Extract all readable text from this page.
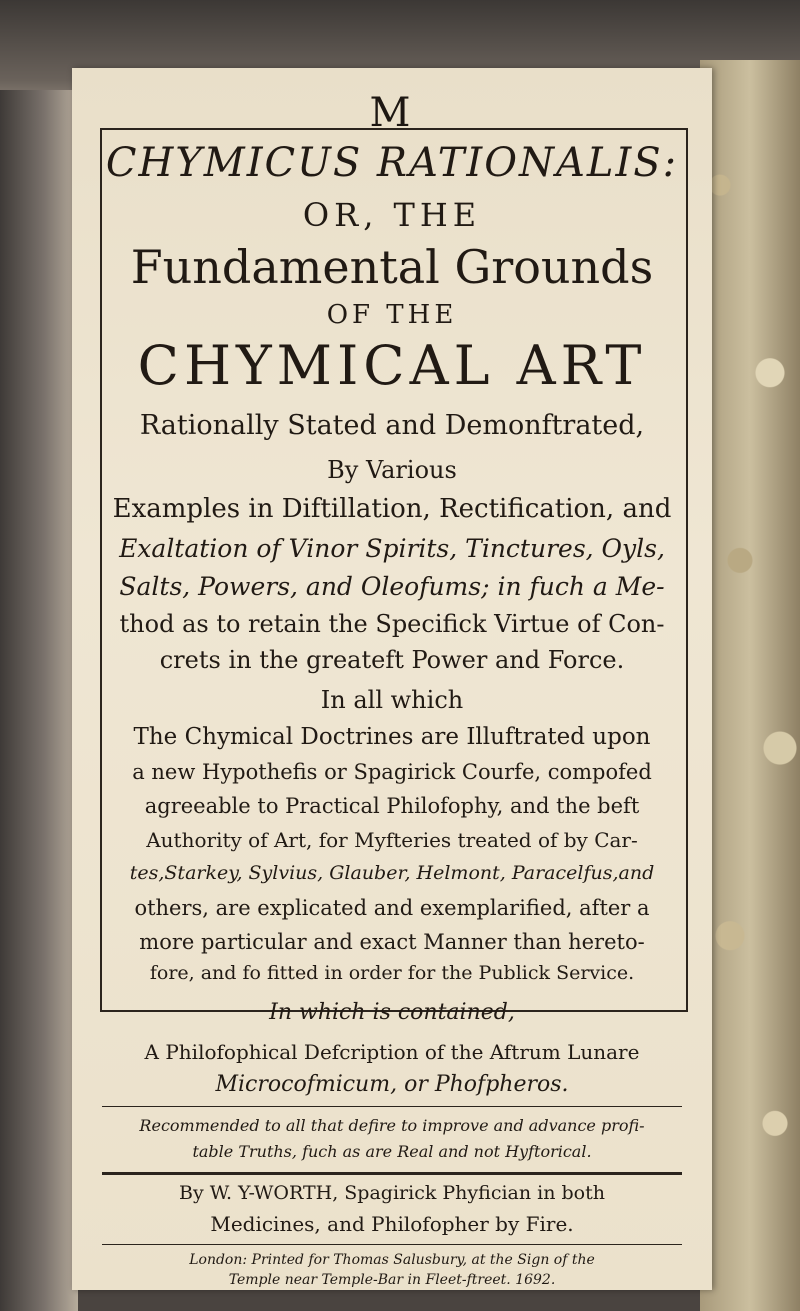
M
CHYMICUS RATIONALIS:
OR, THE
Fundamental Grounds
OF THE
CHYMICAL ART
Rationally Stated and Demonftrated,
By Various
Examples in Diftillation, Rectification, and
Exaltation of Vinor Spirits, Tinctures, Oyls,
Salts, Powers, and Oleofums; in fuch a Me-
thod as to retain the Specifick Virtue of Con-
crets in the greateft Power and Force.
In all which
The Chymical Doctrines are Illuftrated upon
a new Hypothefis or Spagirick Courfe, compofed
agreeable to Practical Philofophy, and the beft
Authority of Art, for Myfteries treated of by Car-
tes,Starkey, Sylvius, Glauber, Helmont, Paracelfus,and
others, are explicated and exemplarified, after a
more particular and exact Manner than hereto-
fore, and fo fitted in order for the Publick Service.
In which is contained,
A Philofophical Defcription of the Aftrum Lunare
Microcofmicum, or Phofpheros.
Recommended to all that defire to improve and advance profi-
table Truths, fuch as are Real and not Hyftorical.
By W. Y-WORTH, Spagirick Phyfician in both
Medicines, and Philofopher by Fire.
London: Printed for Thomas Salusbury, at the Sign of the
Temple near Temple-Bar in Fleet-ftreet. 1692.
